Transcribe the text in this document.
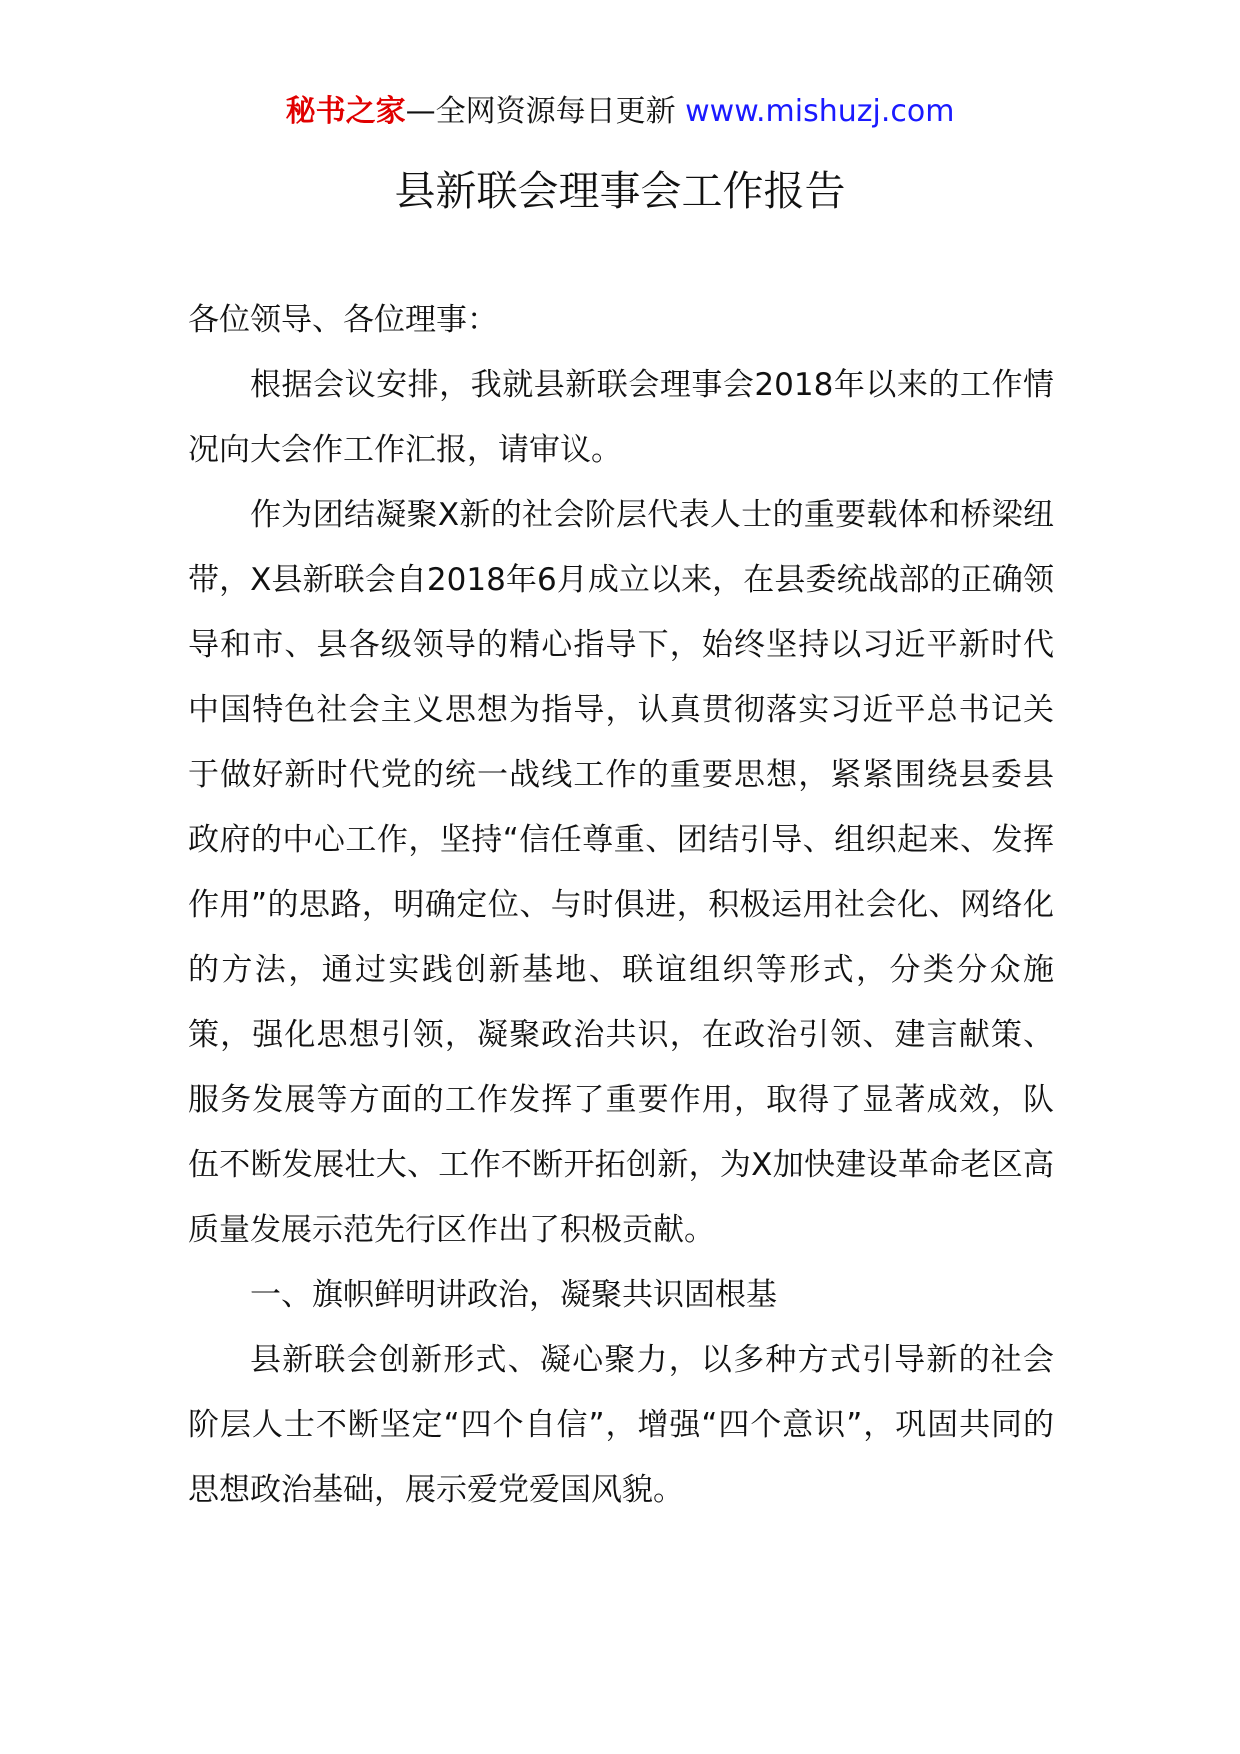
秘书之家—全网资源每日更新 www.mishuzj.com
县新联会理事会工作报告

各位领导、各位理事：

根据会议安排，我就县新联会理事会2018年以来的工作情况向大会作工作汇报，请审议。

作为团结凝聚X新的社会阶层代表人士的重要载体和桥梁纽带，X县新联会自2018年6月成立以来，在县委统战部的正确领导和市、县各级领导的精心指导下，始终坚持以习近平新时代中国特色社会主义思想为指导，认真贯彻落实习近平总书记关于做好新时代党的统一战线工作的重要思想，紧紧围绕县委县政府的中心工作，坚持“信任尊重、团结引导、组织起来、发挥作用”的思路，明确定位、与时俱进，积极运用社会化、网络化的方法，通过实践创新基地、联谊组织等形式，分类分众施策，强化思想引领，凝聚政治共识，在政治引领、建言献策、服务发展等方面的工作发挥了重要作用，取得了显著成效，队伍不断发展壮大、工作不断开拓创新，为X加快建设革命老区高质量发展示范先行区作出了积极贡献。

一、旗帜鲜明讲政治，凝聚共识固根基

县新联会创新形式、凝心聚力，以多种方式引导新的社会阶层人士不断坚定“四个自信”，增强“四个意识”，巩固共同的思想政治基础，展示爱党爱国风貌。
